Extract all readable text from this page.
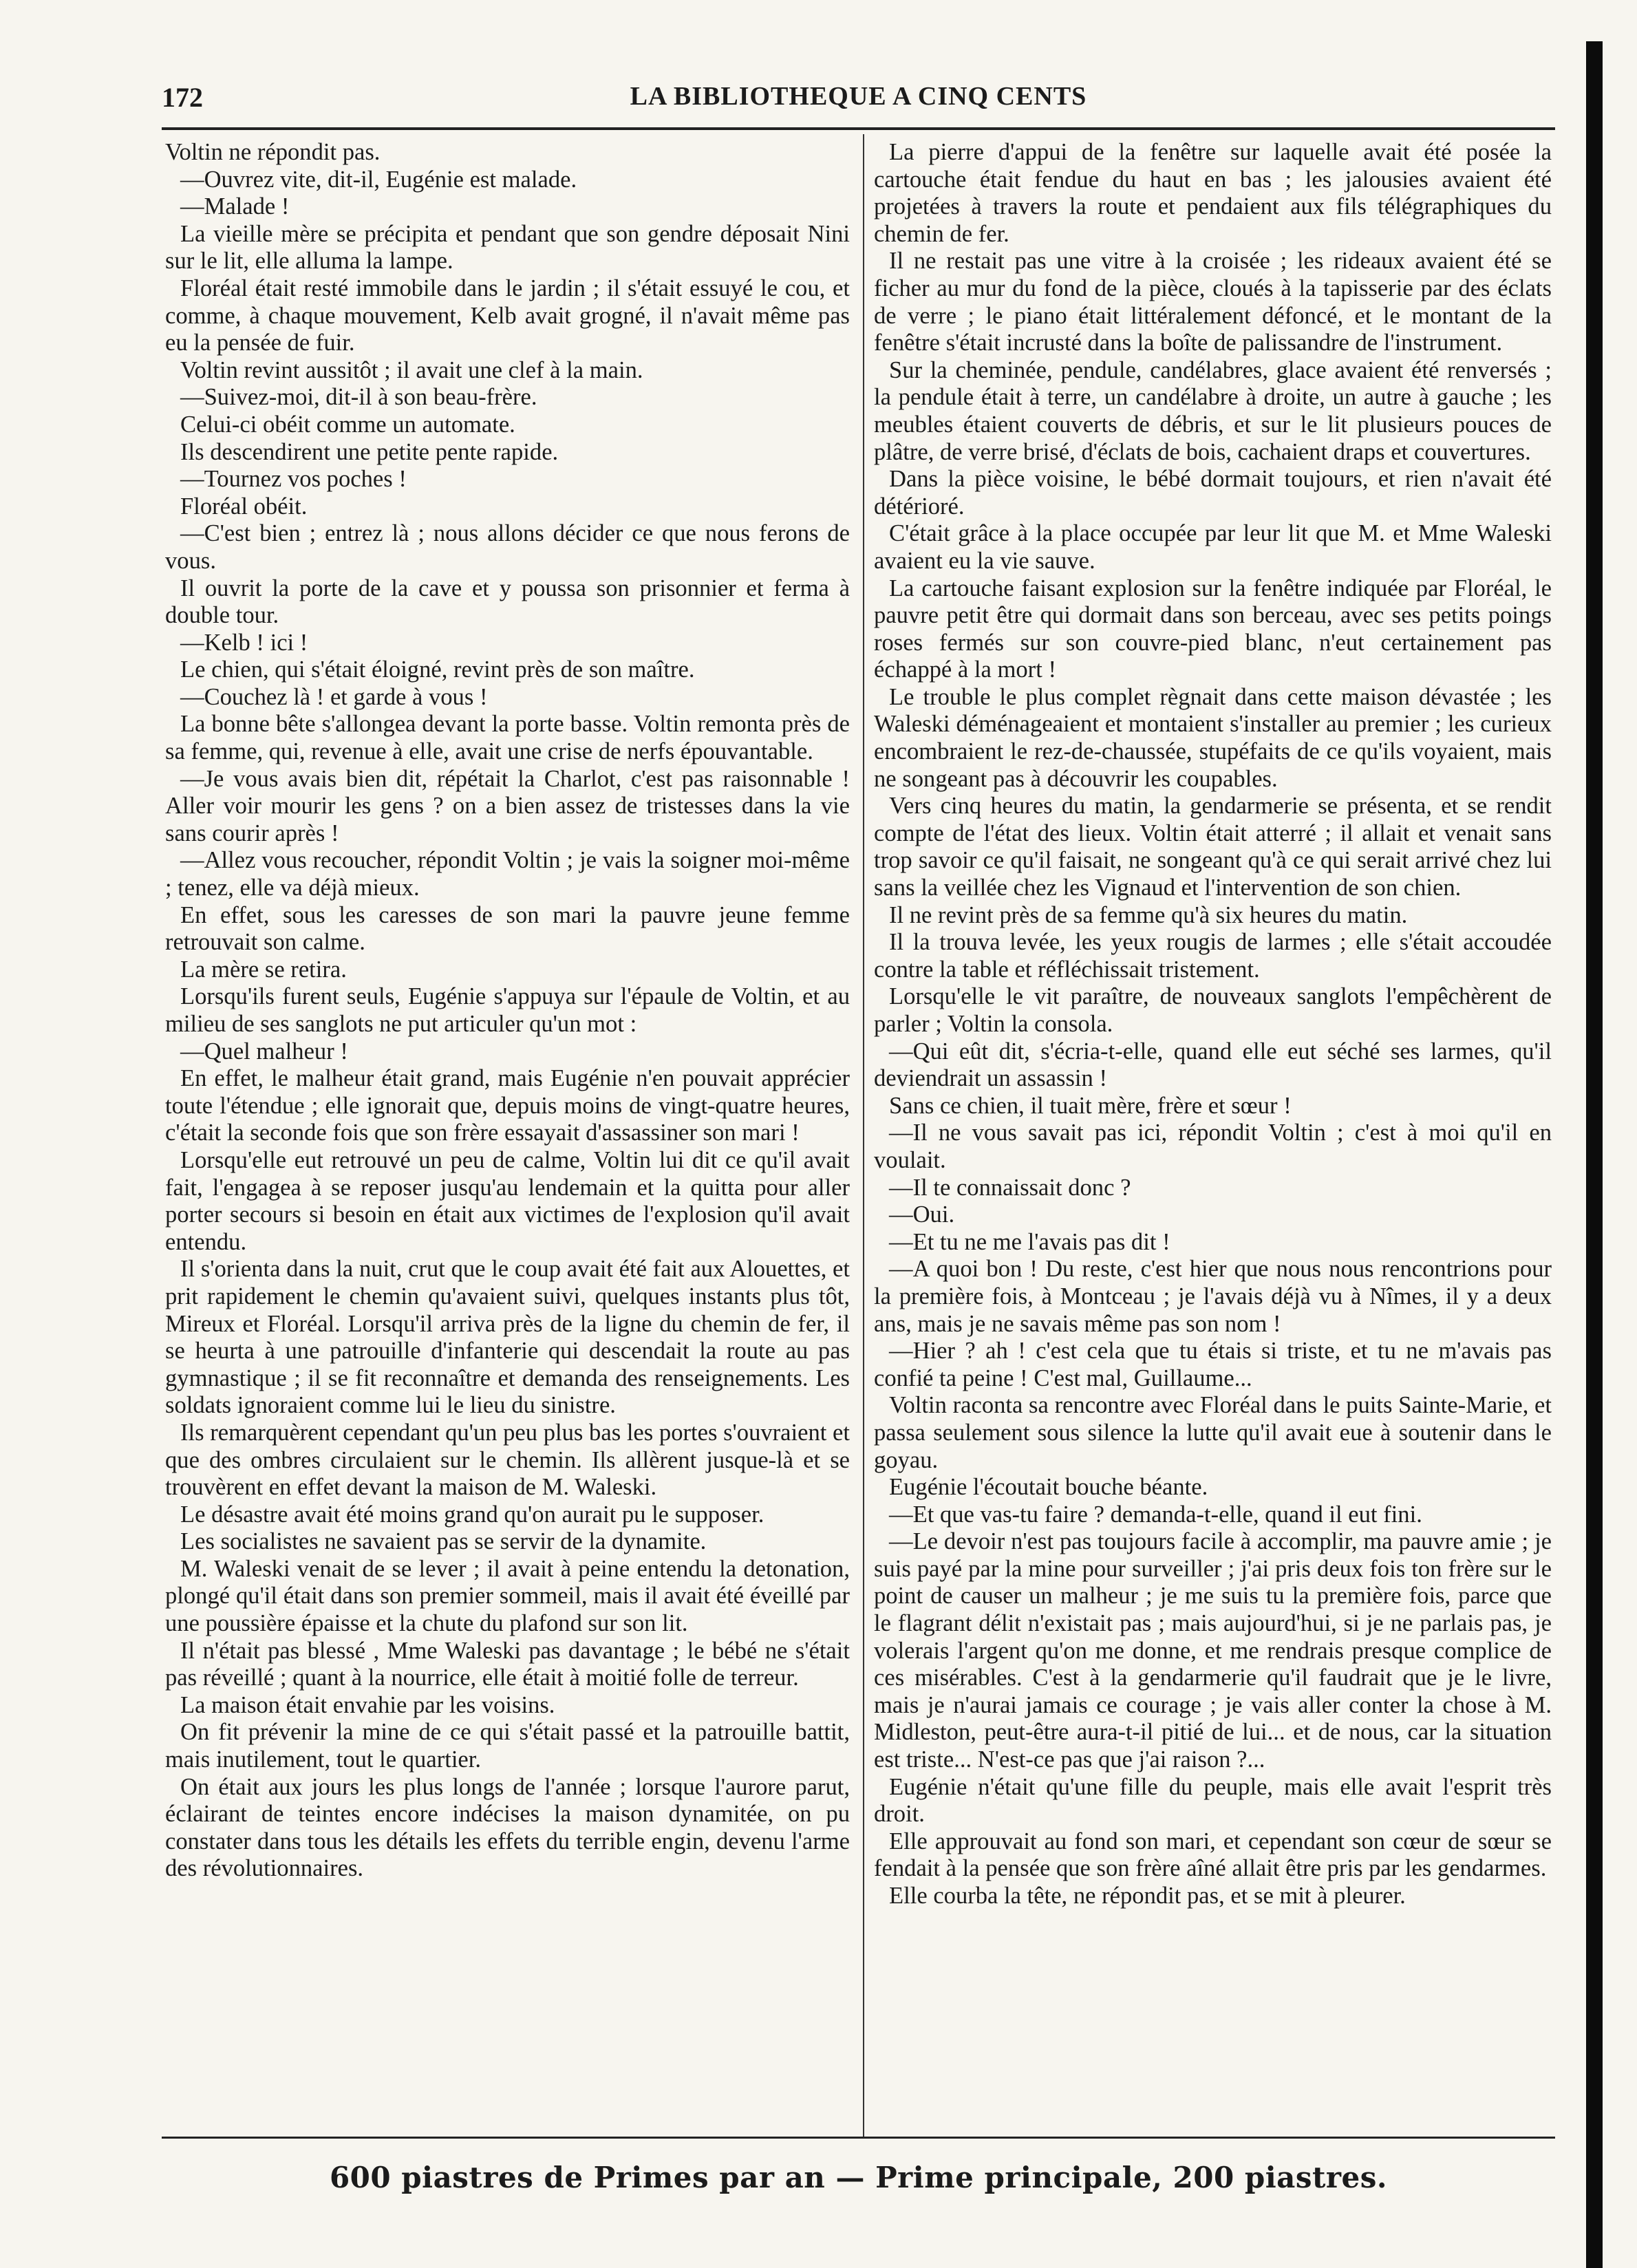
172	LA BIBLIOTHEQUE A CINQ CENTS

Voltin ne répondit pas.

—Ouvrez vite, dit-il, Eugénie est malade.

—Malade !

La vieille mère se précipita et pendant que son gendre déposait Nini sur le lit, elle alluma la lampe.

Floréal était resté immobile dans le jardin ; il s'était essuyé le cou, et comme, à chaque mouvement, Kelb avait grogné, il n'avait même pas eu la pensée de fuir.

Voltin revint aussitôt ; il avait une clef à la main.

—Suivez-moi, dit-il à son beau-frère.

Celui-ci obéit comme un automate.

Ils descendirent une petite pente rapide.

—Tournez vos poches !

Floréal obéit.

—C'est bien ; entrez là ; nous allons décider ce que nous ferons de vous.

Il ouvrit la porte de la cave et y poussa son prisonnier et ferma à double tour.

—Kelb ! ici !

Le chien, qui s'était éloigné, revint près de son maître.

—Couchez là ! et garde à vous !

La bonne bête s'allongea devant la porte basse. Voltin remonta près de sa femme, qui, revenue à elle, avait une crise de nerfs épouvantable.

—Je vous avais bien dit, répétait la Charlot, c'est pas raisonnable ! Aller voir mourir les gens ? on a bien assez de tristesses dans la vie sans courir après !

—Allez vous recoucher, répondit Voltin ; je vais la soigner moi-même ; tenez, elle va déjà mieux.

En effet, sous les caresses de son mari la pauvre jeune femme retrouvait son calme.

La mère se retira.

Lorsqu'ils furent seuls, Eugénie s'appuya sur l'épaule de Voltin, et au milieu de ses sanglots ne put articuler qu'un mot :

—Quel malheur !

En effet, le malheur était grand, mais Eugénie n'en pouvait apprécier toute l'étendue ; elle ignorait que, depuis moins de vingt-quatre heures, c'était la seconde fois que son frère essayait d'assassiner son mari !

Lorsqu'elle eut retrouvé un peu de calme, Voltin lui dit ce qu'il avait fait, l'engagea à se reposer jusqu'au lendemain et la quitta pour aller porter secours si besoin en était aux victimes de l'explosion qu'il avait entendu.

Il s'orienta dans la nuit, crut que le coup avait été fait aux Alouettes, et prit rapidement le chemin qu'avaient suivi, quelques instants plus tôt, Mireux et Floréal. Lorsqu'il arriva près de la ligne du chemin de fer, il se heurta à une patrouille d'infanterie qui descendait la route au pas gymnastique ; il se fit reconnaître et demanda des renseignements. Les soldats ignoraient comme lui le lieu du sinistre.

Ils remarquèrent cependant qu'un peu plus bas les portes s'ouvraient et que des ombres circulaient sur le chemin. Ils allèrent jusque-là et se trouvèrent en effet devant la maison de M. Waleski.

Le désastre avait été moins grand qu'on aurait pu le supposer.

Les socialistes ne savaient pas se servir de la dynamite.

M. Waleski venait de se lever ; il avait à peine entendu la detonation, plongé qu'il était dans son premier sommeil, mais il avait été éveillé par une poussière épaisse et la chute du plafond sur son lit.

Il n'était pas blessé , Mme Waleski pas davantage ; le bébé ne s'était pas réveillé ; quant à la nourrice, elle était à moitié folle de terreur.

La maison était envahie par les voisins.

On fit prévenir la mine de ce qui s'était passé et la patrouille battit, mais inutilement, tout le quartier.

On était aux jours les plus longs de l'année ; lorsque l'aurore parut, éclairant de teintes encore indécises la maison dynamitée, on pu constater dans tous les détails les effets du terrible engin, devenu l'arme des révolutionnaires.

La pierre d'appui de la fenêtre sur laquelle avait été posée la cartouche était fendue du haut en bas ; les jalousies avaient été projetées à travers la route et pendaient aux fils télégraphiques du chemin de fer.

Il ne restait pas une vitre à la croisée ; les rideaux avaient été se ficher au mur du fond de la pièce, cloués à la tapisserie par des éclats de verre ; le piano était littéralement défoncé, et le montant de la fenêtre s'était incrusté dans la boîte de palissandre de l'instrument.

Sur la cheminée, pendule, candélabres, glace avaient été renversés ; la pendule était à terre, un candélabre à droite, un autre à gauche ; les meubles étaient couverts de débris, et sur le lit plusieurs pouces de plâtre, de verre brisé, d'éclats de bois, cachaient draps et couvertures.

Dans la pièce voisine, le bébé dormait toujours, et rien n'avait été détérioré.

C'était grâce à la place occupée par leur lit que M. et Mme Waleski avaient eu la vie sauve.

La cartouche faisant explosion sur la fenêtre indiquée par Floréal, le pauvre petit être qui dormait dans son berceau, avec ses petits poings roses fermés sur son couvre-pied blanc, n'eut certainement pas échappé à la mort !

Le trouble le plus complet règnait dans cette maison dévastée ; les Waleski déménageaient et montaient s'installer au premier ; les curieux encombraient le rez-de-chaussée, stupéfaits de ce qu'ils voyaient, mais ne songeant pas à découvrir les coupables.

Vers cinq heures du matin, la gendarmerie se présenta, et se rendit compte de l'état des lieux. Voltin était atterré ; il allait et venait sans trop savoir ce qu'il faisait, ne songeant qu'à ce qui serait arrivé chez lui sans la veillée chez les Vignaud et l'intervention de son chien.

Il ne revint près de sa femme qu'à six heures du matin.

Il la trouva levée, les yeux rougis de larmes ; elle s'était accoudée contre la table et réfléchissait tristement.

Lorsqu'elle le vit paraître, de nouveaux sanglots l'empêchèrent de parler ; Voltin la consola.

—Qui eût dit, s'écria-t-elle, quand elle eut séché ses larmes, qu'il deviendrait un assassin !

Sans ce chien, il tuait mère, frère et sœur !

—Il ne vous savait pas ici, répondit Voltin ; c'est à moi qu'il en voulait.

—Il te connaissait donc ?

—Oui.

—Et tu ne me l'avais pas dit !

—A quoi bon ! Du reste, c'est hier que nous nous rencontrions pour la première fois, à Montceau ; je l'avais déjà vu à Nîmes, il y a deux ans, mais je ne savais même pas son nom !

—Hier ? ah ! c'est cela que tu étais si triste, et tu ne m'avais pas confié ta peine ! C'est mal, Guillaume...

Voltin raconta sa rencontre avec Floréal dans le puits Sainte-Marie, et passa seulement sous silence la lutte qu'il avait eue à soutenir dans le goyau.

Eugénie l'écoutait bouche béante.

—Et que vas-tu faire ? demanda-t-elle, quand il eut fini.

—Le devoir n'est pas toujours facile à accomplir, ma pauvre amie ; je suis payé par la mine pour surveiller ; j'ai pris deux fois ton frère sur le point de causer un malheur ; je me suis tu la première fois, parce que le flagrant délit n'existait pas ; mais aujourd'hui, si je ne parlais pas, je volerais l'argent qu'on me donne, et me rendrais presque complice de ces misérables. C'est à la gendarmerie qu'il faudrait que je le livre, mais je n'aurai jamais ce courage ; je vais aller conter la chose à M. Midleston, peut-être aura-t-il pitié de lui... et de nous, car la situation est triste... N'est-ce pas que j'ai raison ?...

Eugénie n'était qu'une fille du peuple, mais elle avait l'esprit très droit.

Elle approuvait au fond son mari, et cependant son cœur de sœur se fendait à la pensée que son frère aîné allait être pris par les gendarmes.

Elle courba la tête, ne répondit pas, et se mit à pleurer.

600 piastres de Primes par an — Prime principale, 200 piastres.
